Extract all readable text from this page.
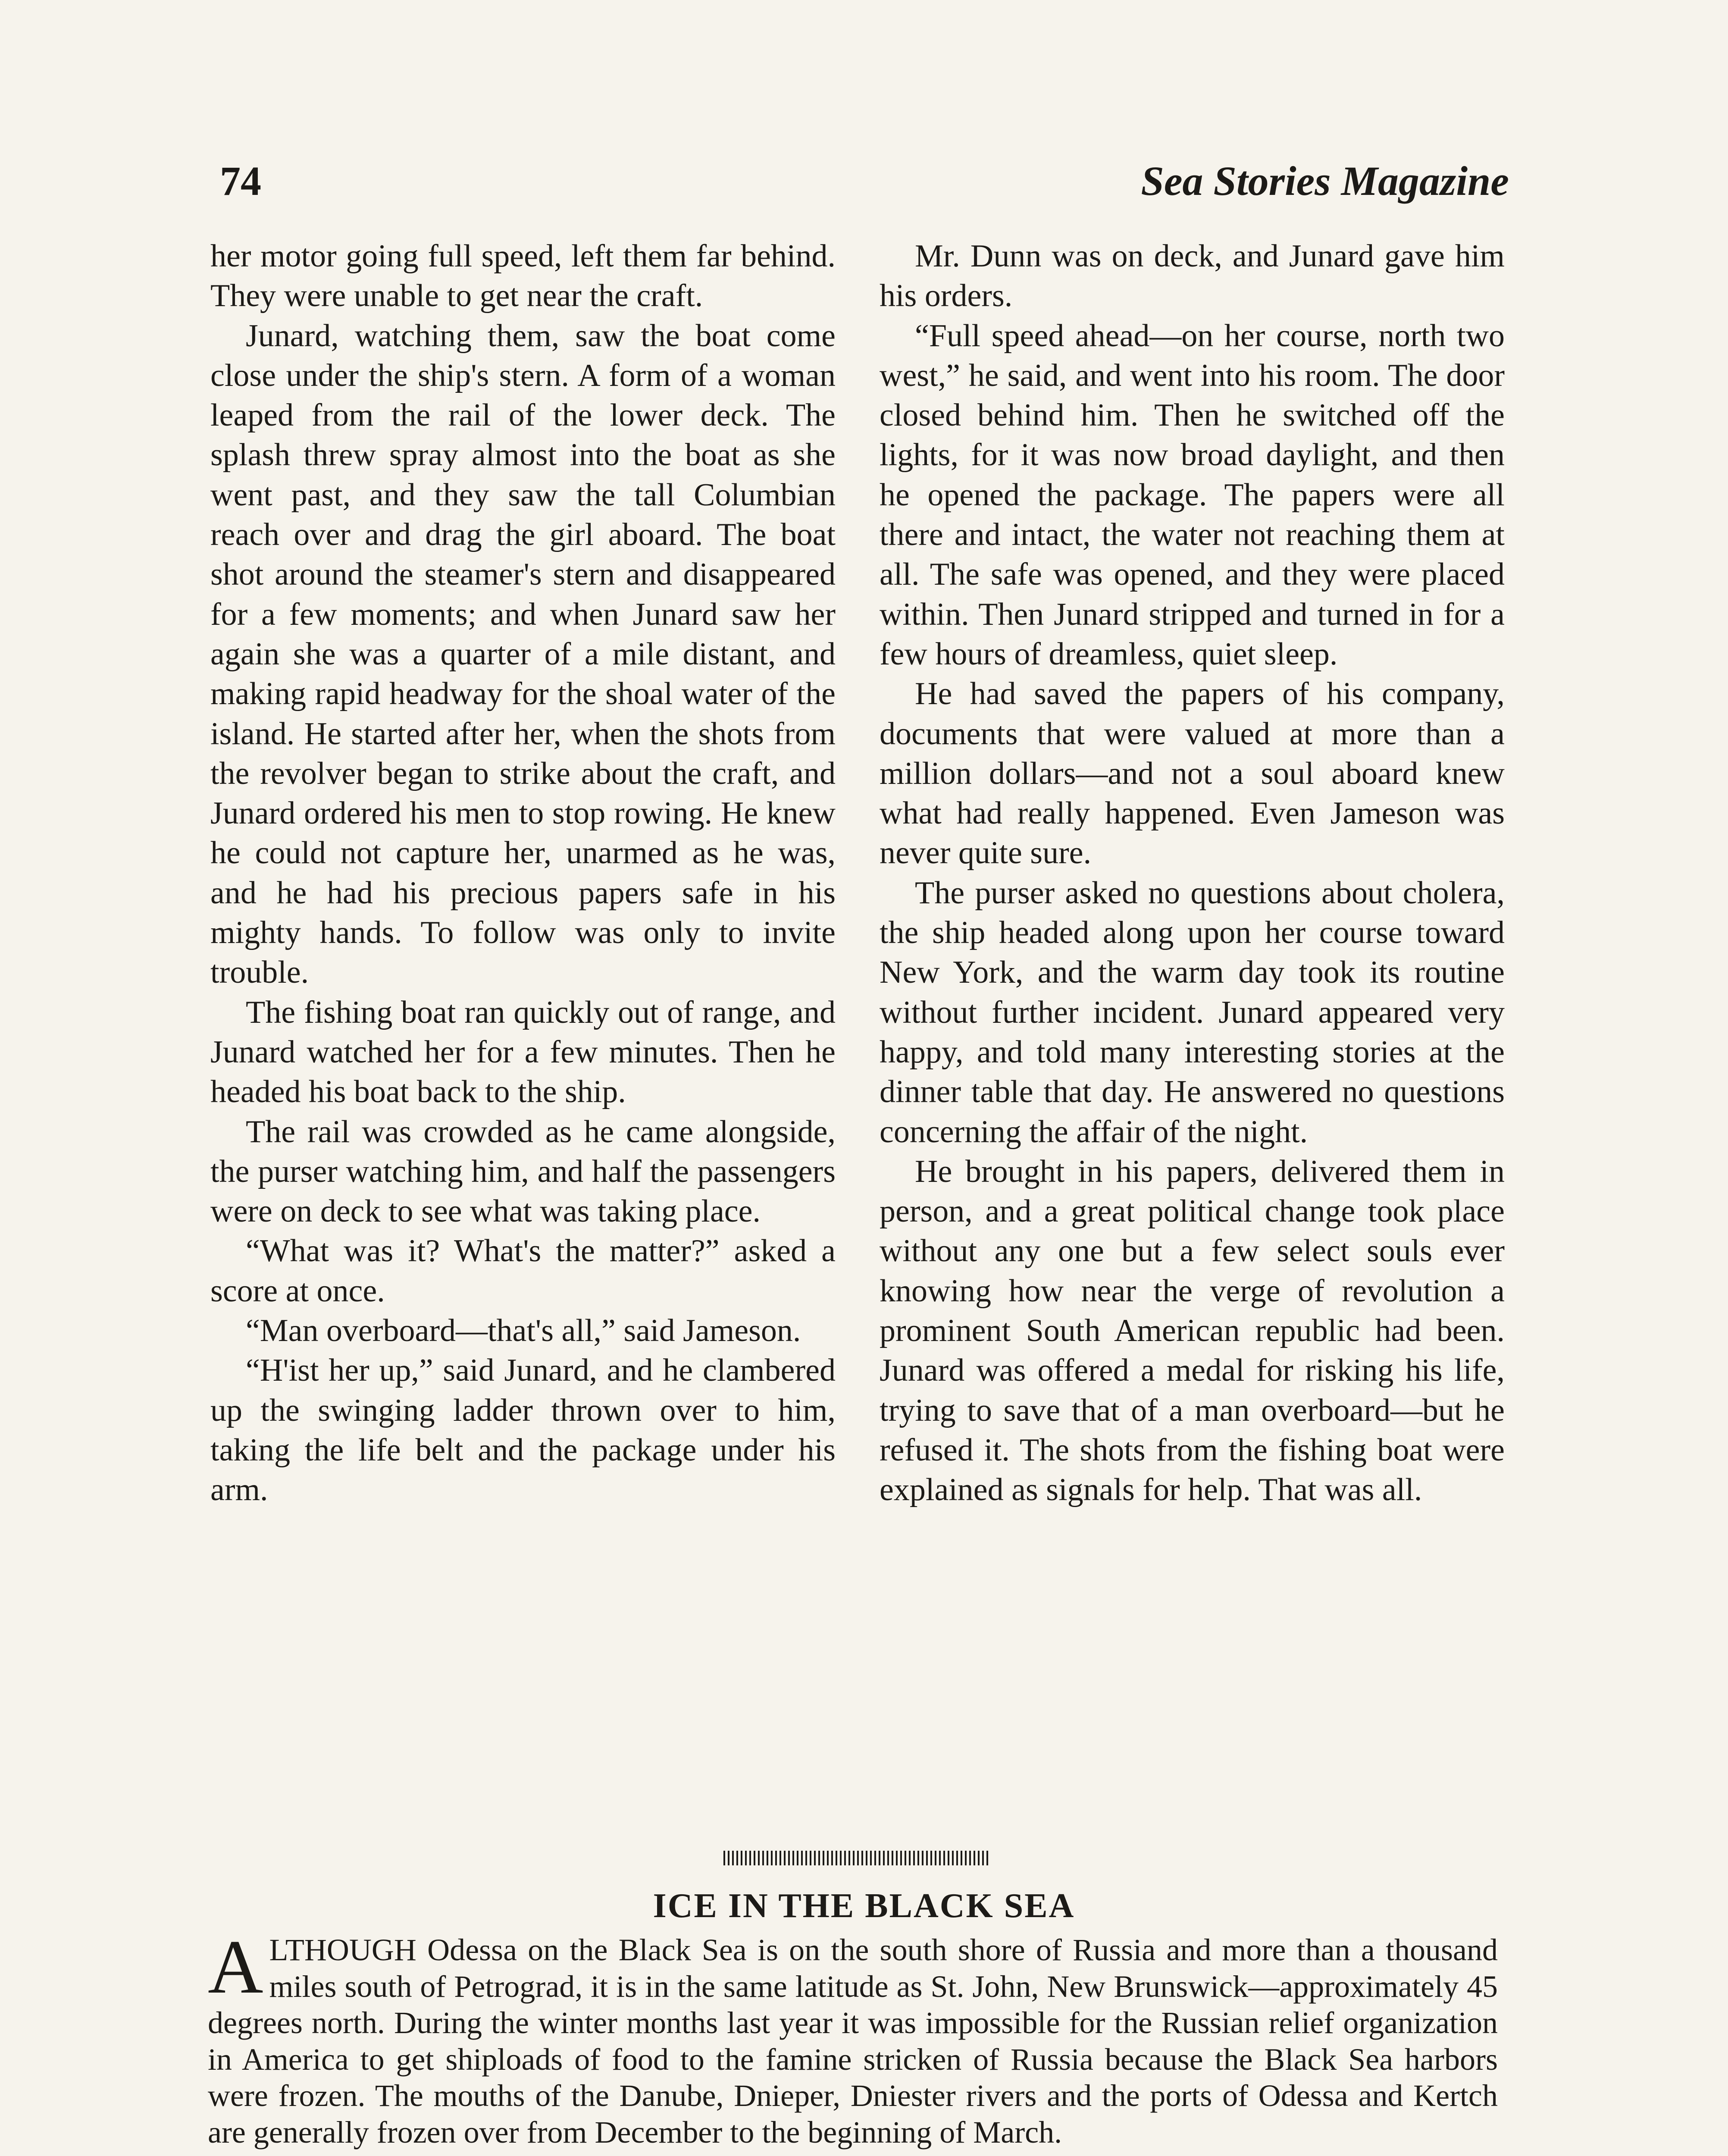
74	Sea Stories Magazine

her motor going full speed, left them far behind. They were unable to get near the craft.

Junard, watching them, saw the boat come close under the ship's stern. A form of a woman leaped from the rail of the lower deck. The splash threw spray almost into the boat as she went past, and they saw the tall Columbian reach over and drag the girl aboard. The boat shot around the steamer's stern and disappeared for a few moments; and when Junard saw her again she was a quarter of a mile distant, and making rapid headway for the shoal water of the island. He started after her, when the shots from the revolver began to strike about the craft, and Junard ordered his men to stop rowing. He knew he could not capture her, unarmed as he was, and he had his precious papers safe in his mighty hands. To follow was only to invite trouble.

The fishing boat ran quickly out of range, and Junard watched her for a few minutes. Then he headed his boat back to the ship.

The rail was crowded as he came alongside, the purser watching him, and half the passengers were on deck to see what was taking place.

“What was it? What's the matter?” asked a score at once.

“Man overboard—that's all,” said Jameson.

“H'ist her up,” said Junard, and he clambered up the swinging ladder thrown over to him, taking the life belt and the package under his arm.

Mr. Dunn was on deck, and Junard gave him his orders.

“Full speed ahead—on her course, north two west,” he said, and went into his room. The door closed behind him. Then he switched off the lights, for it was now broad daylight, and then he opened the package. The papers were all there and intact, the water not reaching them at all. The safe was opened, and they were placed within. Then Junard stripped and turned in for a few hours of dreamless, quiet sleep.

He had saved the papers of his company, documents that were valued at more than a million dollars—and not a soul aboard knew what had really happened. Even Jameson was never quite sure.

The purser asked no questions about cholera, the ship headed along upon her course toward New York, and the warm day took its routine without further incident. Junard appeared very happy, and told many interesting stories at the dinner table that day. He answered no questions concerning the affair of the night.

He brought in his papers, delivered them in person, and a great political change took place without any one but a few select souls ever knowing how near the verge of revolution a prominent South American republic had been. Junard was offered a medal for risking his life, trying to save that of a man overboard—but he refused it. The shots from the fishing boat were explained as signals for help. That was all.

ICE IN THE BLACK SEA

ALTHOUGH Odessa on the Black Sea is on the south shore of Russia and more than a thousand miles south of Petrograd, it is in the same latitude as St. John, New Brunswick—approximately 45 degrees north. During the winter months last year it was impossible for the Russian relief organization in America to get shiploads of food to the famine stricken of Russia because the Black Sea harbors were frozen. The mouths of the Danube, Dnieper, Dniester rivers and the ports of Odessa and Kertch are generally frozen over from December to the beginning of March.
